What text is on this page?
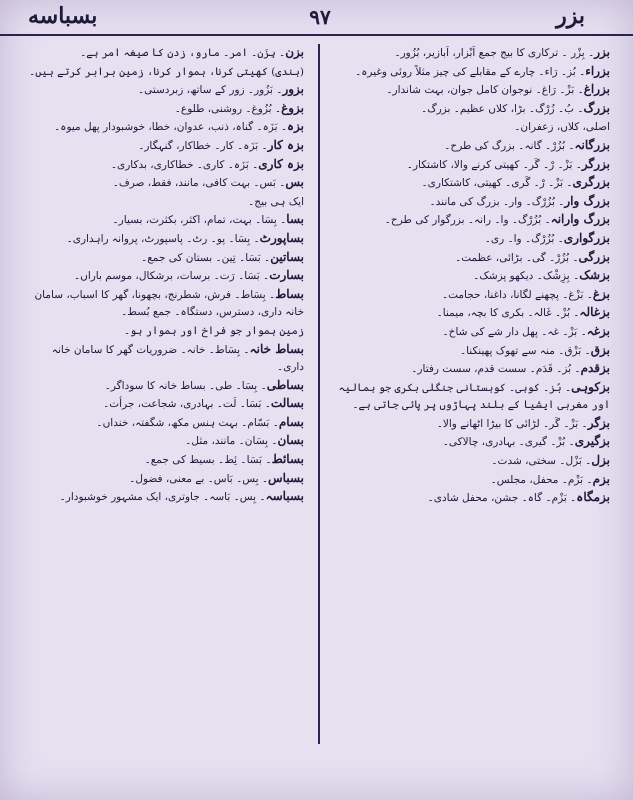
بزر
۹۷
بسباسه

بزر۔ بِزْر ۔ ترکاری کا بیج جمع اَبْزار، اَبازیر، بُزُور۔

بزراء۔ بُز۔ رَاء۔ چارے کے مقابلے کی چیز مثلاً روئی وغیرہ۔

بزراغ۔ بَزْ۔ رَاغ۔ نوجوان کامل جوان، بہت شاندار۔

بزرگ۔ بُ۔ زُرْگ۔ بڑا، کلاں عظیم۔ بزرگ۔

اصلی، کلاں، زعفران۔

بزرگانہ۔ بُزُرْ۔ گانہ۔ بزرگ کی طرح۔

بزرگر۔ بَزْ۔ رْ۔ گَر۔ کھیتی کرنے والا، کاشتکار۔

بزرگری۔ بَزْ۔ رْ۔ گَری۔ کھیتی، کاشتکاری۔

بزرگ وار۔ بُزُرْگ۔ وار۔ بزرگ کی مانند۔

بزرگ وارانہ۔ بُزُرْگ۔ وا۔ رانہ۔ بزرگوار کی طرح۔

بزرگواری۔ بُزُرْگ۔ وا۔ ری۔

بزرگی۔ بُزُرْ۔ گی۔ بڑائی، عظمت۔

بزشک۔ بِزِشْک۔ دیکھو پزشک۔

بزغ۔ بَزْغ۔ پچھنے لگانا، داغنا، حجامت۔

بزغالہ۔ بُزْ۔ غَالہ۔ بکری کا بچہ، میمنا۔

بزغہ۔ بَزْ۔ غہ۔ پھل دار شے کی شاخ۔

بزق۔ بَزْق۔ منہ سے تھوک پھینکنا۔

بزقدم۔ بُز۔ قَدَم۔ سست قدم، سست رفتار۔

بزکوہی۔ بُز۔ کوہی۔ کوہستانی جنگلی بکری جو ہمالیہ اور مغربی ایشیا کے بلند پہاڑوں پر پائی جاتی ہے۔

بزگر۔ بَزْ۔ گَر۔ لڑائی کا بیڑا اٹھانے والا۔

بزگیری۔ بُزْ۔ گیری۔ بہادری، چالاکی۔

بزل۔ بَزْل۔ سختی، شدت۔

بزم۔ بَزْم۔ محفل، مجلس۔

بزمگاہ۔ بَزْم۔ گاہ۔ جشن، محفل شادی۔

بزن۔ بِزَن۔ امر۔ مارو، زدن کا صیغہ امر ہے۔

(ہندی) کھیتی کرنا، ہموار کرنا، زمین برابر کرتے ہیں۔

بزور۔ بَزُور۔ زور کے ساتھ، زبردستی۔

بزوغ۔ بُزُوغ۔ روشنی، طلوع۔

بزہ۔ بَزَہ۔ گناہ، ذنب، عدوان، خطا، خوشبودار پھل میوہ۔

بزہ کار۔ بَزَہ۔ کار۔ خطاکار، گنہگار۔

بزہ کاری۔ بَزَہ۔ کاری۔ خطاکاری، بدکاری۔

بس۔ بَس۔ بہت کافی، مانند، فقط، صرف۔

ایک ہی بیج۔

بسا۔ بِسَا۔ بہت، تمام، اکثر، بکثرت، بسیار۔

بساپورٹ۔ بِسَا۔ پو۔ رٹ۔ پاسپورٹ، پروانہ راہداری۔

بساتین۔ بَسَا۔ تِین۔ بستان کی جمع۔

بسارت۔ بَسَا۔ رَت۔ برسات، برشکال، موسم باراں۔

بساط۔ بِسَاط۔ فرش، شطرنج، بچھونا، گھر کا اسباب، سامان خانہ داری، دسترس، دستگاہ۔ جمع بُسط۔

زمین ہموار جو فراخ اور ہموار ہو۔

بساط خانہ۔ بِسَاط۔ خانہ۔ ضروریات گھر کا سامان خانہ داری۔

بساطی۔ بِسَا۔ طی۔ بساط خانہ کا سوداگر۔

بسالت۔ بَسَا۔ لَت۔ بہادری، شجاعت، جرأت۔

بسام۔ بَسّام۔ بہت ہنس مکھ، شگفتہ، خنداں۔

بسان۔ بِسَان۔ مانند، مثل۔

بسائط۔ بَسَا۔ ئِط۔ بسیط کی جمع۔

بسباس۔ بِس۔ بَاس۔ بے معنی، فضول۔

بسباسہ۔ بِس۔ بَاسہ۔ جاوتری، ایک مشہور خوشبودار۔
